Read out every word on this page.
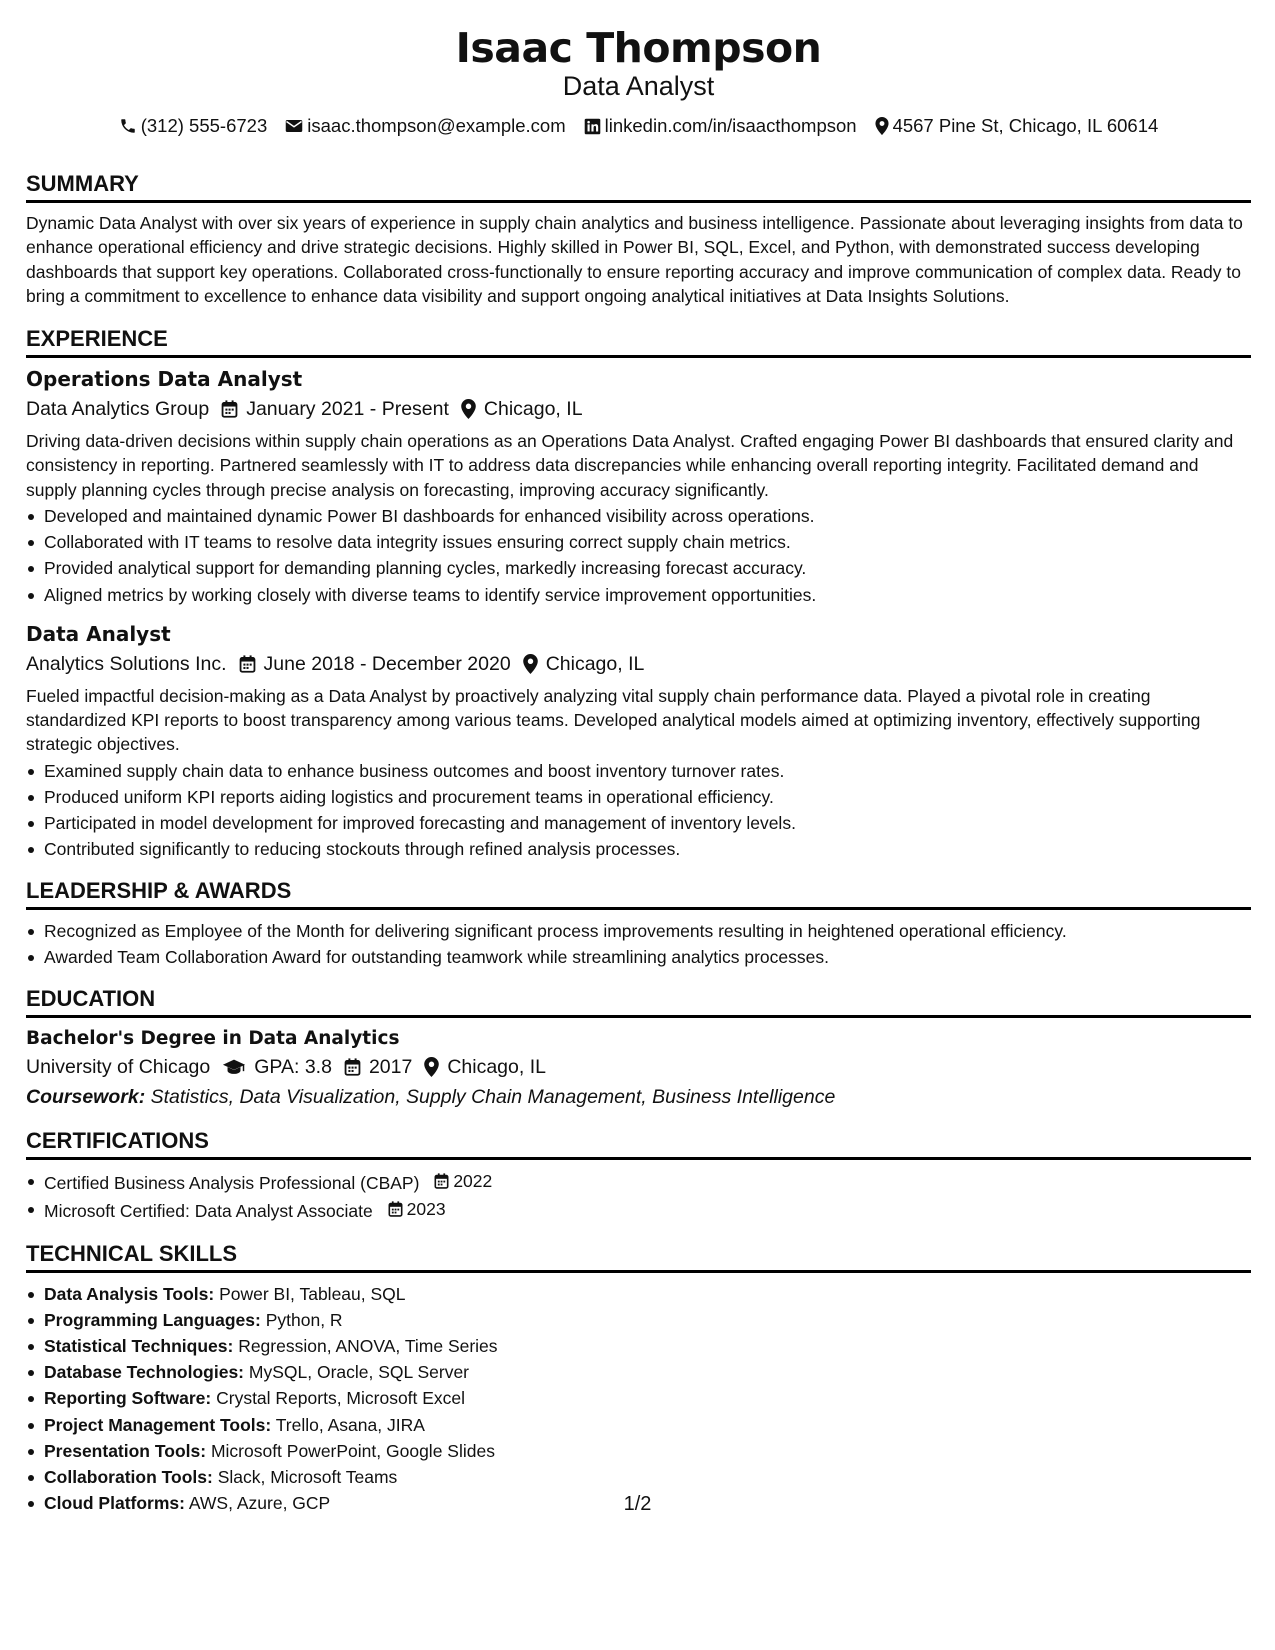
Isaac Thompson
Data Analyst
(312) 555-6723 isaac.thompson@example.com linkedin.com/in/isaacthompson 4567 Pine St, Chicago, IL 60614
SUMMARY
Dynamic Data Analyst with over six years of experience in supply chain analytics and business intelligence. Passionate about leveraging insights from data to enhance operational efficiency and drive strategic decisions. Highly skilled in Power BI, SQL, Excel, and Python, with demonstrated success developing dashboards that support key operations. Collaborated cross-functionally to ensure reporting accuracy and improve communication of complex data. Ready to bring a commitment to excellence to enhance data visibility and support ongoing analytical initiatives at Data Insights Solutions.
EXPERIENCE
Operations Data Analyst
Data Analytics Group January 2021 - Present Chicago, IL
Driving data-driven decisions within supply chain operations as an Operations Data Analyst. Crafted engaging Power BI dashboards that ensured clarity and consistency in reporting. Partnered seamlessly with IT to address data discrepancies while enhancing overall reporting integrity. Facilitated demand and supply planning cycles through precise analysis on forecasting, improving accuracy significantly.
Developed and maintained dynamic Power BI dashboards for enhanced visibility across operations.
Collaborated with IT teams to resolve data integrity issues ensuring correct supply chain metrics.
Provided analytical support for demanding planning cycles, markedly increasing forecast accuracy.
Aligned metrics by working closely with diverse teams to identify service improvement opportunities.
Data Analyst
Analytics Solutions Inc. June 2018 - December 2020 Chicago, IL
Fueled impactful decision-making as a Data Analyst by proactively analyzing vital supply chain performance data. Played a pivotal role in creating standardized KPI reports to boost transparency among various teams. Developed analytical models aimed at optimizing inventory, effectively supporting strategic objectives.
Examined supply chain data to enhance business outcomes and boost inventory turnover rates.
Produced uniform KPI reports aiding logistics and procurement teams in operational efficiency.
Participated in model development for improved forecasting and management of inventory levels.
Contributed significantly to reducing stockouts through refined analysis processes.
LEADERSHIP & AWARDS
Recognized as Employee of the Month for delivering significant process improvements resulting in heightened operational efficiency.
Awarded Team Collaboration Award for outstanding teamwork while streamlining analytics processes.
EDUCATION
Bachelor's Degree in Data Analytics
University of Chicago GPA: 3.8 2017 Chicago, IL
Coursework: Statistics, Data Visualization, Supply Chain Management, Business Intelligence
CERTIFICATIONS
Certified Business Analysis Professional (CBAP) 2022
Microsoft Certified: Data Analyst Associate 2023
TECHNICAL SKILLS
Data Analysis Tools: Power BI, Tableau, SQL
Programming Languages: Python, R
Statistical Techniques: Regression, ANOVA, Time Series
Database Technologies: MySQL, Oracle, SQL Server
Reporting Software: Crystal Reports, Microsoft Excel
Project Management Tools: Trello, Asana, JIRA
Presentation Tools: Microsoft PowerPoint, Google Slides
Collaboration Tools: Slack, Microsoft Teams
Cloud Platforms: AWS, Azure, GCP	1/2
